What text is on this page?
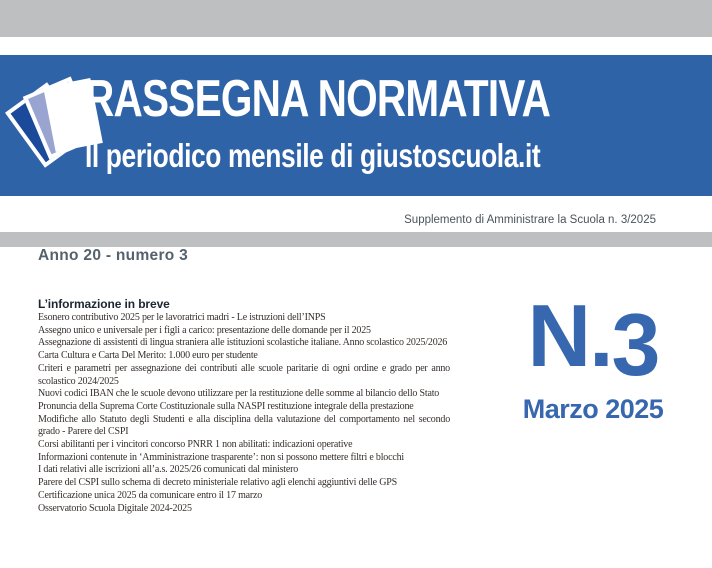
RASSEGNA NORMATIVA
Il periodico mensile di giustoscuola.it
Supplemento di Amministrare la Scuola n. 3/2025
Anno 20 - numero 3
L’informazione in breve

Esonero contributivo 2025 per le lavoratrici madri - Le istruzioni dell’INPS

Assegno unico e universale per i figli a carico: presentazione delle domande per il 2025

Assegnazione di assistenti di lingua straniera alle istituzioni scolastiche italiane. Anno scolastico 2025/2026

Carta Cultura e Carta Del Merito: 1.000 euro per studente

Criteri e parametri per assegnazione dei contributi alle scuole paritarie di ogni ordine e grado per anno scolastico 2024/2025

Nuovi codici IBAN che le scuole devono utilizzare per la restituzione delle somme al bilancio dello Stato

Pronuncia della Suprema Corte Costituzionale sulla NASPI restituzione integrale della prestazione

Modifiche allo Statuto degli Studenti e alla disciplina della valutazione del comportamento nel secondo grado - Parere del CSPI

Corsi abilitanti per i vincitori concorso PNRR 1 non abilitati: indicazioni operative

Informazioni contenute in ‘Amministrazione trasparente’: non si possono mettere filtri e blocchi

I dati relativi alle iscrizioni all’a.s. 2025/26 comunicati dal ministero

Parere del CSPI sullo schema di decreto ministeriale relativo agli elenchi aggiuntivi delle GPS

Certificazione unica 2025 da comunicare entro il 17 marzo

Osservatorio Scuola Digitale 2024-2025

N.3
Marzo 2025
